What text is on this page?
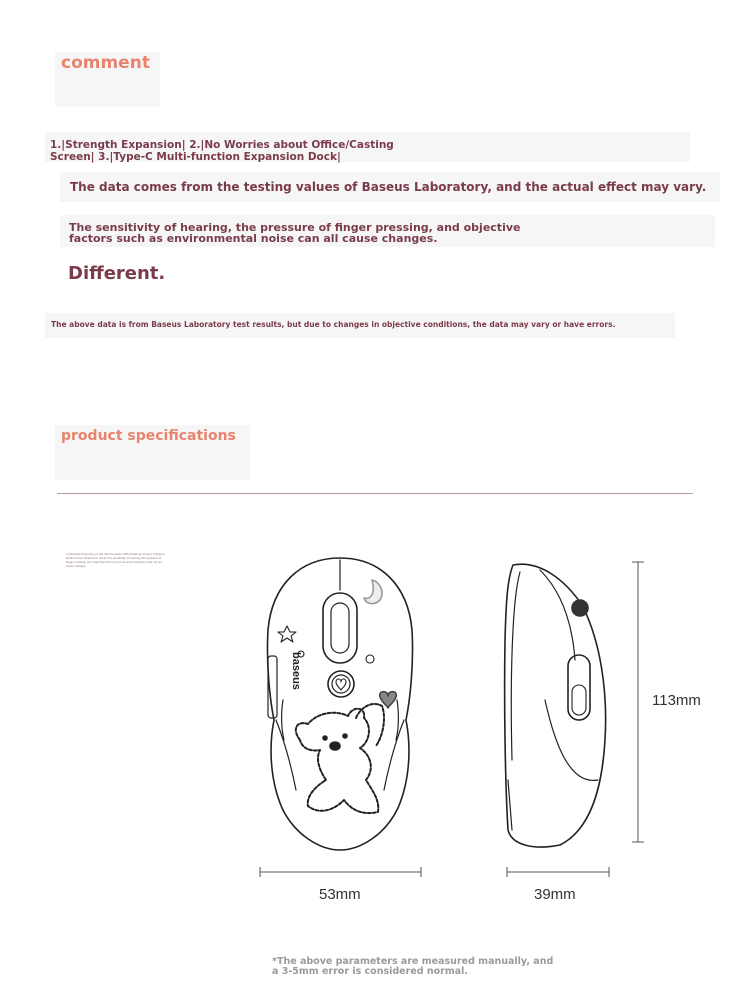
comment
1.|Strength Expansion| 2.|No Worries about Office/Casting Screen| 3.|Type-C Multi-function Expansion Dock|
The data comes from the testing values of Baseus Laboratory, and the actual effect may vary.
The sensitivity of hearing, the pressure of finger pressing, and objective factors such as environmental noise can all cause changes.
Different.
The above data is from Baseus Laboratory test results, but due to changes in objective conditions, the data may vary or have errors.
product specifications
1.|Strength Expansion| 2.|No Worries about Office/Casting Screen| 3.|Type-C Multi-function Expansion Dock| The sensitivity of hearing, the pressure of finger pressing, and objective factors such as environmental noise can all cause changes.
113mm
53mm	39mm
baseus
*The above parameters are measured manually, and a 3-5mm error is considered normal.
